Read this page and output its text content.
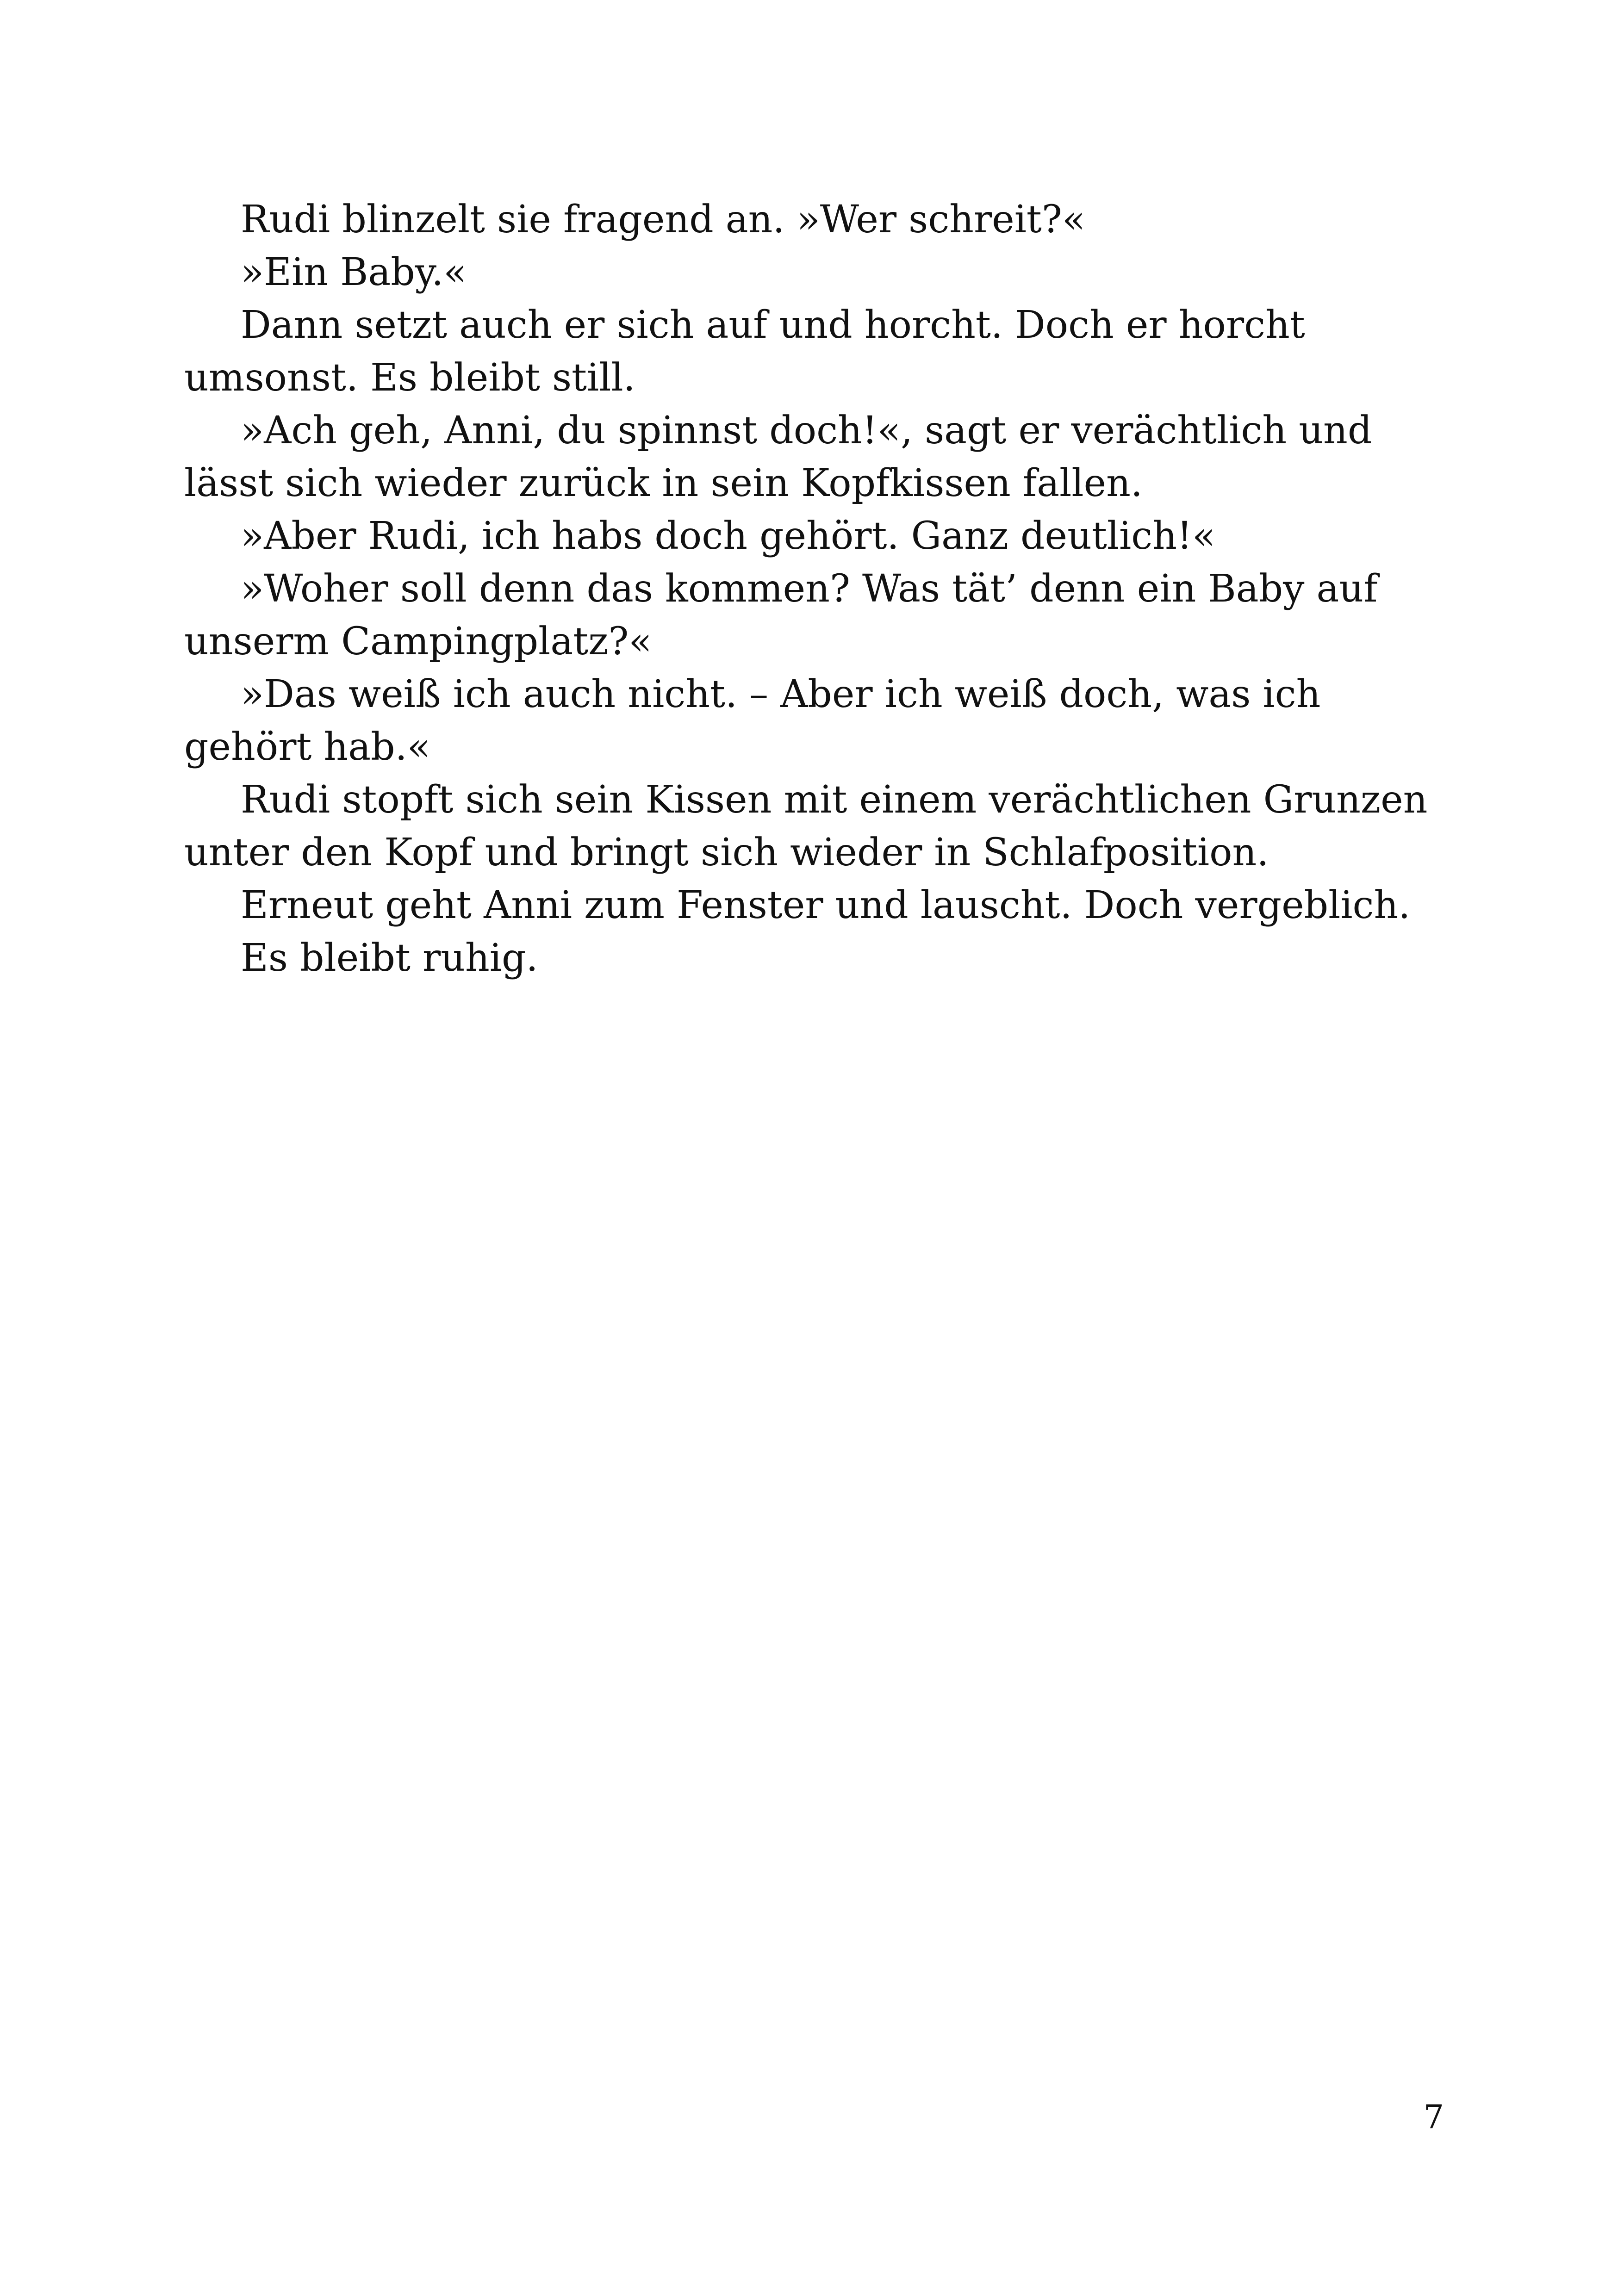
Rudi blinzelt sie fragend an. »Wer schreit?«

»Ein Baby.«

Dann setzt auch er sich auf und horcht. Doch er horcht umsonst. Es bleibt still.

»Ach geh, Anni, du spinnst doch!«, sagt er verächtlich und lässt sich wieder zurück in sein Kopfkissen fallen.

»Aber Rudi, ich habs doch gehört. Ganz deutlich!«

»Woher soll denn das kommen? Was tät’ denn ein Baby auf unserm Campingplatz?«

»Das weiß ich auch nicht. – Aber ich weiß doch, was ich gehört hab.«

Rudi stopft sich sein Kissen mit einem verächtlichen Grunzen unter den Kopf und bringt sich wieder in Schlafposition.

Erneut geht Anni zum Fenster und lauscht. Doch vergeblich.

Es bleibt ruhig.

7
